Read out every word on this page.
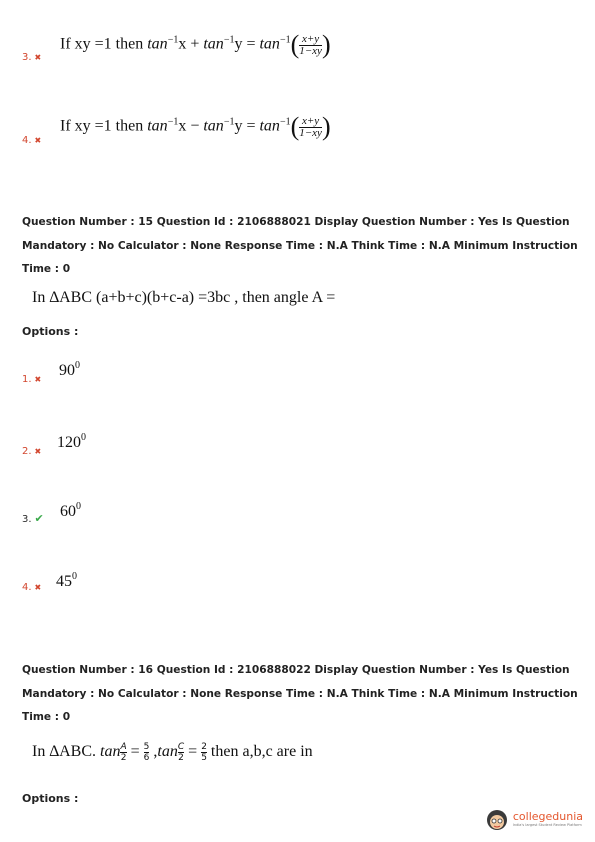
If xy =1 then $\tan^{-1}x + \tan^{-1}y = \tan^{-1}( \frac{x+y}{1-xy}$ )
3. ✖
If xy =1 then $\tan^{-1}x - \tan^{-1}y = \tan^{-1}( \frac{x+y}{1-xy}$ )
4. ✖
Question Number : 15 Question Id : 2106888021 Display Question Number : Yes Is Question
Mandatory : No Calculator : None Response Time : N.A Think Time : N.A Minimum Instruction
Time : 0
In ∆ABC (a+b+c)(b+c-a) =3bc , then angle A =
Options :
$90^0$
1. ✖
$120^0$
2. ✖
$60^0$
3. ✔
$45^0$
4. ✖
Question Number : 16 Question Id : 2106888022 Display Question Number : Yes Is Question
Mandatory : No Calculator : None Response Time : N.A Think Time : N.A Minimum Instruction
Time : 0
In ∆ABC. $\tan \frac{A}{2} = \frac{5}{6} ,\tan \frac{C}{2} = \frac{2}{5}$ then a,b,c are in
Options :
collegedunia
India's largest Student Review Platform
